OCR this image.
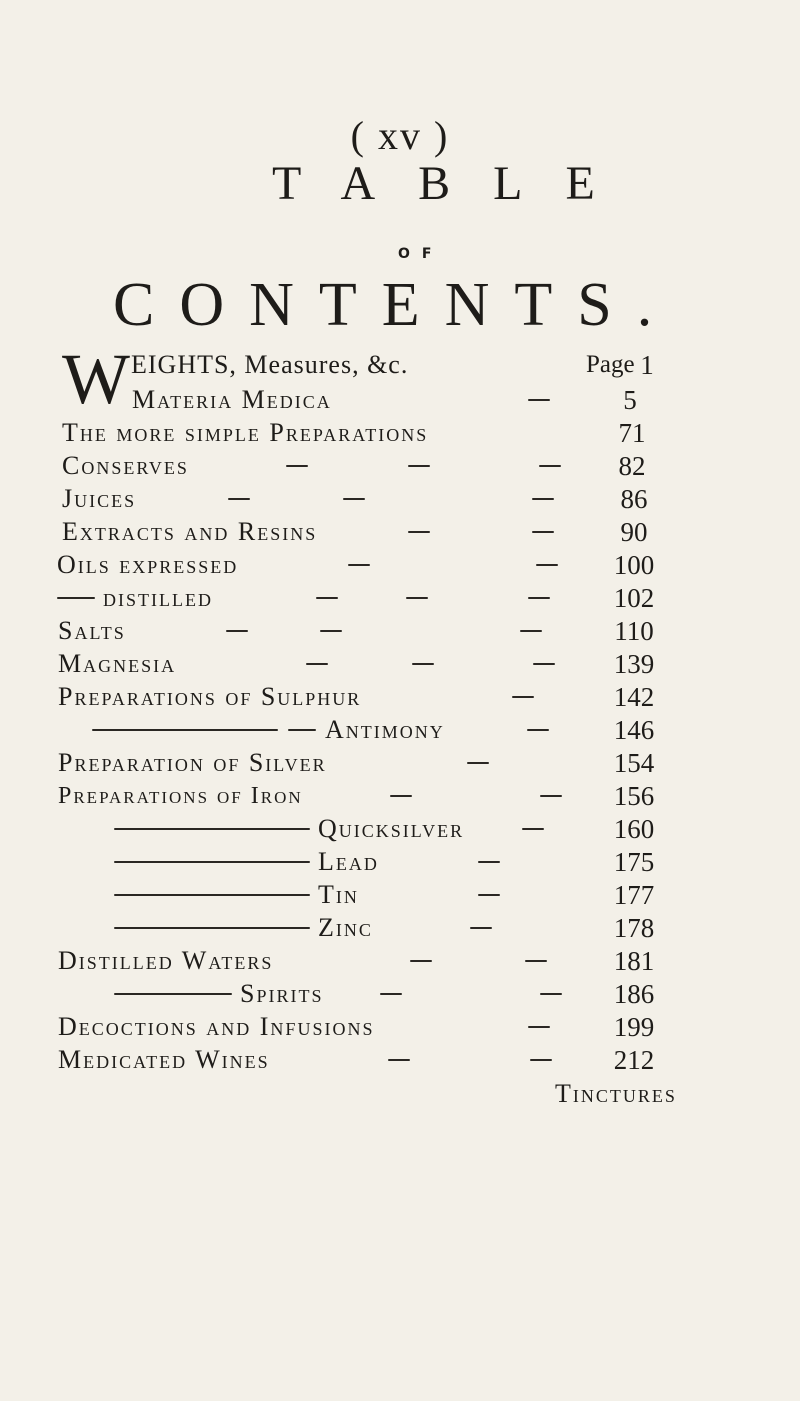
( xv )
TABLE
OF
CONTENTS.
W EIGHTS, Measures, &c.	1
Page
Materia Medica	5
The more simple Preparations	71
Conserves	82
Juices	86
Extracts and Resins	90
Oils expressed	100
distilled	102
Salts	110
Magnesia	139
Preparations of Sulphur	142
Antimony	146
Preparation of Silver	154
Preparations of Iron	156
Quicksilver	160
Lead	175
Tin	177
Zinc	178
Distilled Waters	181
Spirits	186
Decoctions and Infusions	199
Medicated Wines	212
Tinctures
